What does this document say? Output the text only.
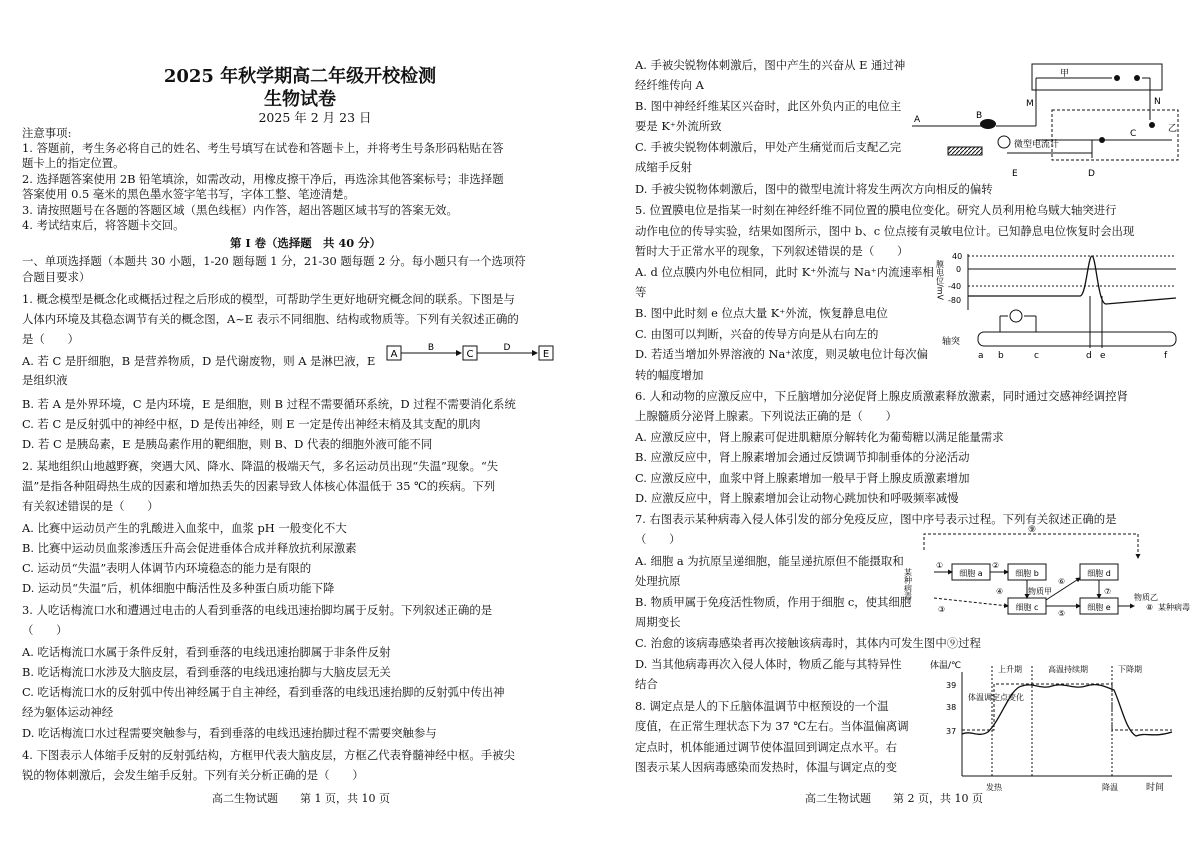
2025 年秋学期高二年级开校检测
生物试卷
2025 年 2 月 23 日
注意事项:
1. 答题前，考生务必将自己的姓名、考生号填写在试卷和答题卡上，并将考生号条形码粘贴在答
题卡上的指定位置。
2. 选择题答案使用 2B 铅笔填涂，如需改动，用橡皮擦干净后，再选涂其他答案标号；非选择题
答案使用 0.5 毫米的黑色墨水签字笔书写，字体工整、笔迹清楚。
3. 请按照题号在各题的答题区域（黑色线框）内作答，超出答题区域书写的答案无效。
4. 考试结束后，将答题卡交回。
第 Ⅰ 卷（选择题　共 40 分）
一、单项选择题（本题共 30 小题，1-20 题每题 1 分，21-30 题每题 2 分。每小题只有一个选项符
合题目要求）
1. 概念模型是概念化或概括过程之后形成的模型，可帮助学生更好地研究概念间的联系。下图是与
人体内环境及其稳态调节有关的概念图，A~E 表示不同细胞、结构或物质等。下列有关叙述正确的
是（　　）
A. 若 C 是肝细胞，B 是营养物质，D 是代谢废物，则 A 是淋巴液，E
是组织液
B. 若 A 是外界环境，C 是内环境，E 是细胞，则 B 过程不需要循环系统，D 过程不需要消化系统
C. 若 C 是反射弧中的神经中枢，D 是传出神经，则 E 一定是传出神经末梢及其支配的肌肉
D. 若 C 是胰岛素，E 是胰岛素作用的靶细胞，则 B、D 代表的细胞外液可能不同
2. 某地组织山地越野赛，突遇大风、降水、降温的极端天气，多名运动员出现“失温”现象。“失
温”是指各种阻碍热生成的因素和增加热丢失的因素导致人体核心体温低于 35 ℃的疾病。下列
有关叙述错误的是（　　）
A. 比赛中运动员产生的乳酸进入血浆中，血浆 pH 一般变化不大
B. 比赛中运动员血浆渗透压升高会促进垂体合成并释放抗利尿激素
C. 运动员“失温”表明人体调节内环境稳态的能力是有限的
D. 运动员“失温”后，机体细胞中酶活性及多种蛋白质功能下降
3. 人吃话梅流口水和遭遇过电击的人看到垂落的电线迅速抬脚均属于反射。下列叙述正确的是
（　　）
A. 吃话梅流口水属于条件反射，看到垂落的电线迅速抬脚属于非条件反射
B. 吃话梅流口水涉及大脑皮层，看到垂落的电线迅速抬脚与大脑皮层无关
C. 吃话梅流口水的反射弧中传出神经属于自主神经，看到垂落的电线迅速抬脚的反射弧中传出神
经为躯体运动神经
D. 吃话梅流口水过程需要突触参与，看到垂落的电线迅速抬脚过程不需要突触参与
4. 下图表示人体缩手反射的反射弧结构，方框甲代表大脑皮层，方框乙代表脊髓神经中枢。手被尖
锐的物体刺激后，会发生缩手反射。下列有关分析正确的是（　　）
A
B
C
D
E
高二生物试题　　第 1 页，共 10 页
A. 手被尖锐物体刺激后，图中产生的兴奋从 E 通过神
经纤维传向 A
B. 图中神经纤维某区兴奋时，此区外负内正的电位主
要是 K⁺外流所致
C. 手被尖锐物体刺激后，甲处产生痛觉而后支配乙完
成缩手反射
D. 手被尖锐物体刺激后，图中的微型电流计将发生两次方向相反的偏转
5. 位置膜电位是指某一时刻在神经纤维不同位置的膜电位变化。研究人员利用枪乌贼大轴突进行
动作电位的传导实验，结果如图所示，图中 b、c 位点接有灵敏电位计。已知静息电位恢复时会出现
暂时大于正常水平的现象，下列叙述错误的是（　　）
A. d 位点膜内外电位相同，此时 K⁺外流与 Na⁺内流速率相
等
B. 图中此时刻 e 位点大量 K⁺外流，恢复静息电位
C. 由图可以判断，兴奋的传导方向是从右向左的
D. 若适当增加外界溶液的 Na⁺浓度，则灵敏电位计每次偏
转的幅度增加
6. 人和动物的应激反应中，下丘脑增加分泌促肾上腺皮质激素释放激素，同时通过交感神经调控肾
上腺髓质分泌肾上腺素。下列说法正确的是（　　）
A. 应激反应中，肾上腺素可促进肌糖原分解转化为葡萄糖以满足能量需求
B. 应激反应中，肾上腺素增加会通过反馈调节抑制垂体的分泌活动
C. 应激反应中，血浆中肾上腺素增加一般早于肾上腺皮质激素增加
D. 应激反应中，肾上腺素增加会让动物心跳加快和呼吸频率减慢
7. 右图表示某种病毒入侵人体引发的部分免疫反应，图中序号表示过程。下列有关叙述正确的是
（　　）
A. 细胞 a 为抗原呈递细胞，能呈递抗原但不能摄取和
处理抗原
B. 物质甲属于免疫活性物质，作用于细胞 c，使其细胞
周期变长
C. 治愈的该病毒感染者再次接触该病毒时，其体内可发生图中⑨过程
D. 当其他病毒再次入侵人体时，物质乙能与其特异性
结合
8. 调定点是人的下丘脑体温调节中枢预设的一个温
度值，在正常生理状态下为 37 ℃左右。当体温偏离调
定点时，机体能通过调节使体温回到调定点水平。右
图表示某人因病毒感染而发热时，体温与调定点的变
甲
乙
微型电流计
A	B
C
D
E
M	N
膜电位/mV
40
0
-40
-80
轴突
a b	c	d e	f
⑨
某种病毒	细胞 a	细胞 b
细胞 c
细胞 d
细胞 e
①	②
③
④	物质甲
⑤
⑥
⑦
物质乙
⑧ 某种病毒
体温/℃
时间
39
38
37
上升期	高温持续期	下降期
体温调定点变化
发热	降温
高二生物试题　　第 2 页，共 10 页
